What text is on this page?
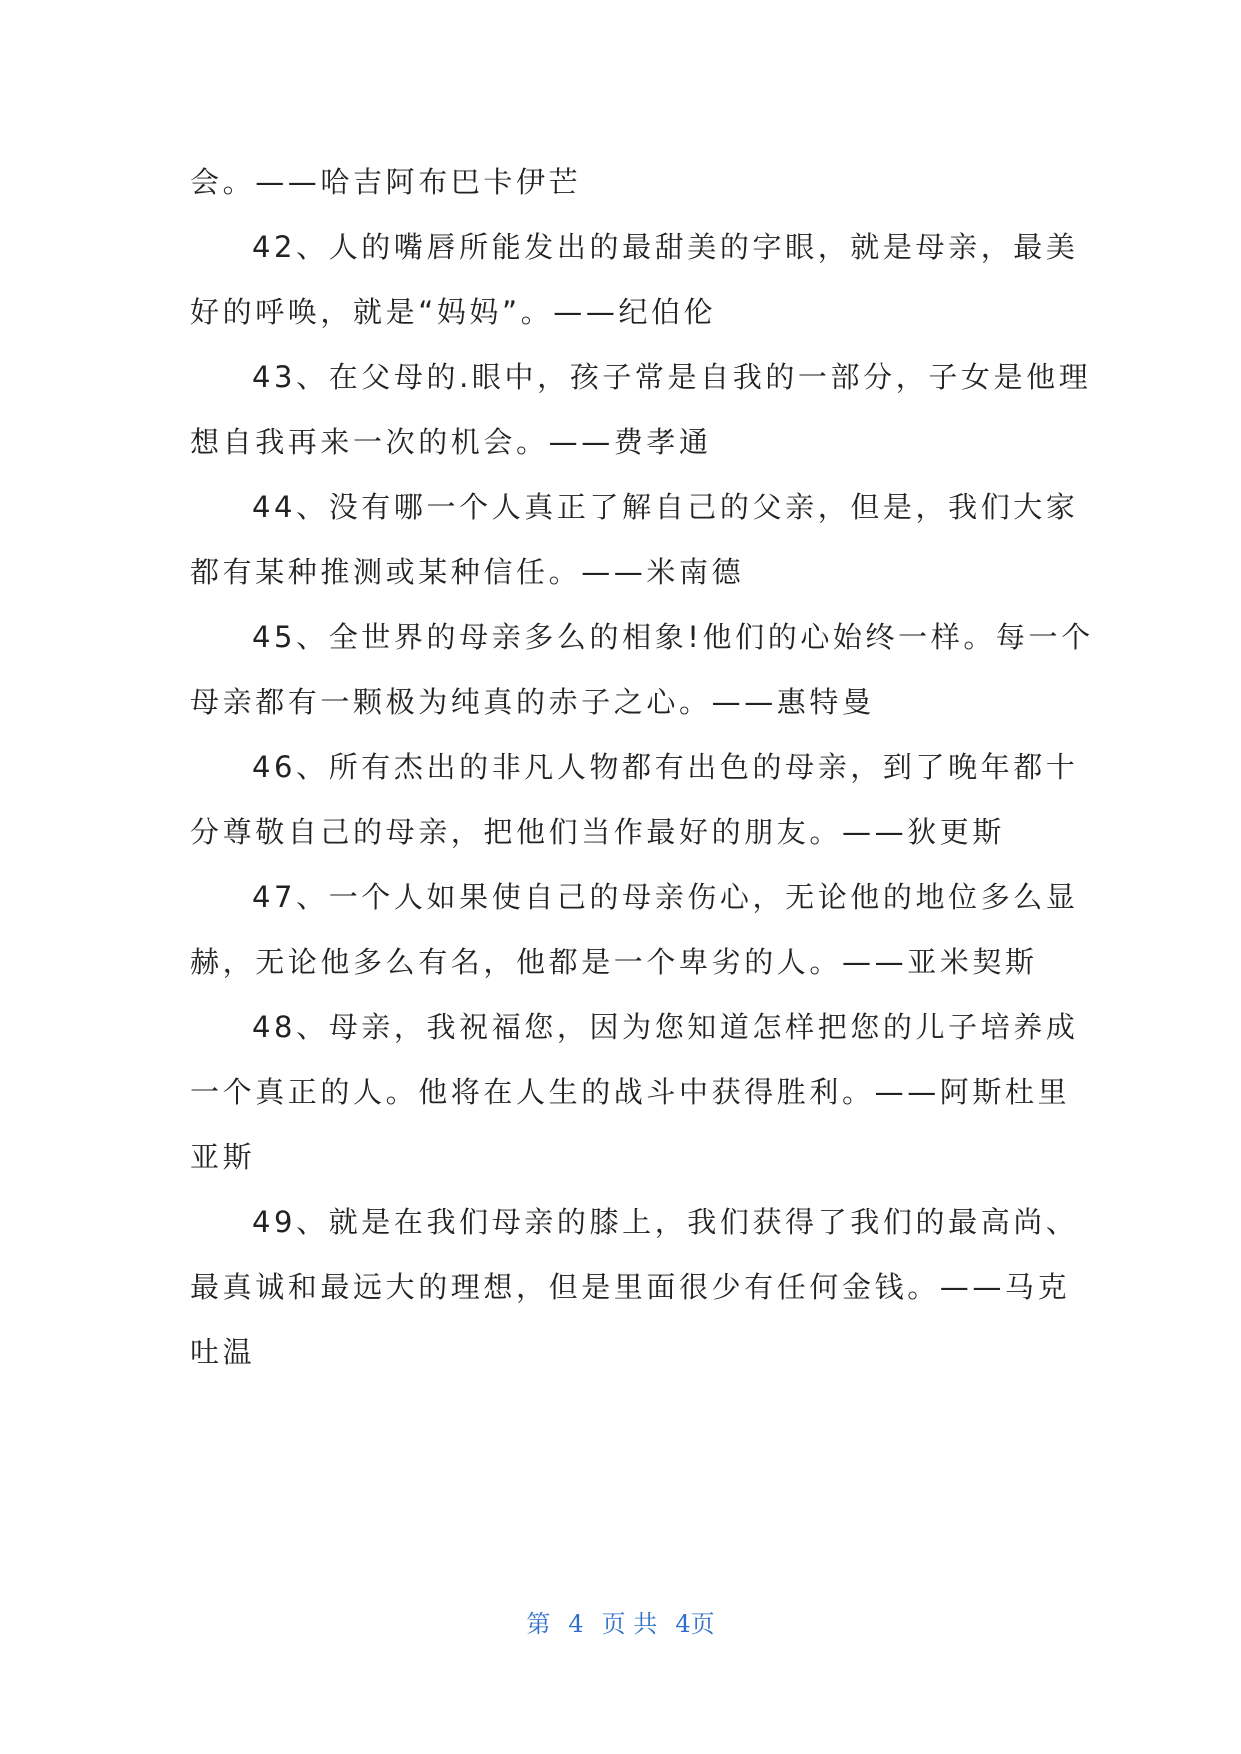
会。——哈吉阿布巴卡伊芒
42、人的嘴唇所能发出的最甜美的字眼，就是母亲，最美
好的呼唤，就是“妈妈”。——纪伯伦
43、在父母的.眼中，孩子常是自我的一部分，子女是他理
想自我再来一次的机会。——费孝通
44、没有哪一个人真正了解自己的父亲，但是，我们大家
都有某种推测或某种信任。——米南德
45、全世界的母亲多么的相象!他们的心始终一样。每一个
母亲都有一颗极为纯真的赤子之心。——惠特曼
46、所有杰出的非凡人物都有出色的母亲，到了晚年都十
分尊敬自己的母亲，把他们当作最好的朋友。——狄更斯
47、一个人如果使自己的母亲伤心，无论他的地位多么显
赫，无论他多么有名，他都是一个卑劣的人。——亚米契斯
48、母亲，我祝福您，因为您知道怎样把您的儿子培养成
一个真正的人。他将在人生的战斗中获得胜利。——阿斯杜里
亚斯
49、就是在我们母亲的膝上，我们获得了我们的最高尚、
最真诚和最远大的理想，但是里面很少有任何金钱。——马克
吐温
第 4 页 共 4页
